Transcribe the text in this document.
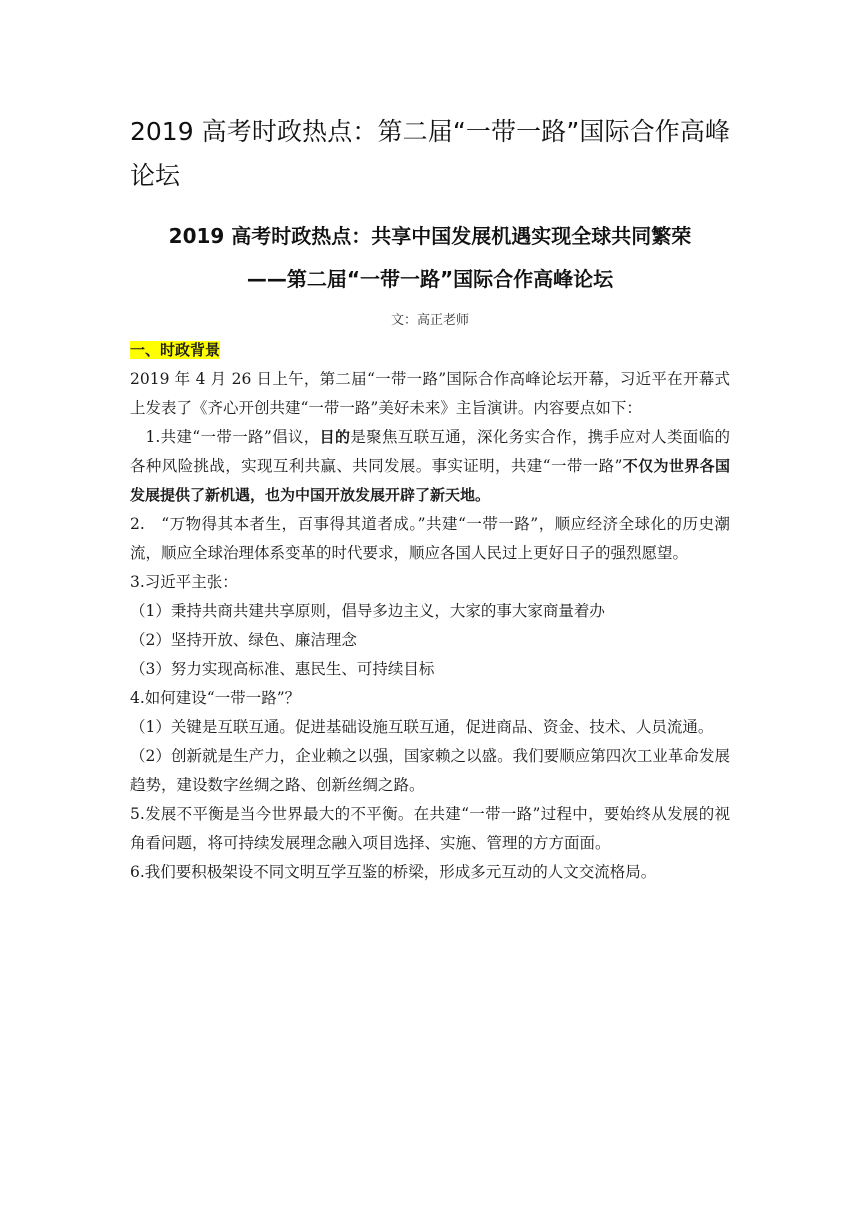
2019 高考时政热点：第二届“一带一路”国际合作高峰论坛
2019 高考时政热点：共享中国发展机遇实现全球共同繁荣
——第二届“一带一路”国际合作高峰论坛
文：高正老师

一、时政背景

2019 年 4 月 26 日上午，第二届“一带一路”国际合作高峰论坛开幕，习近平在开幕式上发表了《齐心开创共建“一带一路”美好未来》主旨演讲。内容要点如下：

1.共建“一带一路”倡议，目的是聚焦互联互通，深化务实合作，携手应对人类面临的各种风险挑战，实现互利共赢、共同发展。事实证明，共建“一带一路”不仅为世界各国发展提供了新机遇，也为中国开放发展开辟了新天地。

2.　“万物得其本者生，百事得其道者成。”共建“一带一路”，顺应经济全球化的历史潮流，顺应全球治理体系变革的时代要求，顺应各国人民过上更好日子的强烈愿望。

3.习近平主张：

（1）秉持共商共建共享原则，倡导多边主义，大家的事大家商量着办

（2）坚持开放、绿色、廉洁理念

（3）努力实现高标准、惠民生、可持续目标

4.如何建设“一带一路”？

（1）关键是互联互通。促进基础设施互联互通，促进商品、资金、技术、人员流通。

（2）创新就是生产力，企业赖之以强，国家赖之以盛。我们要顺应第四次工业革命发展趋势，建设数字丝绸之路、创新丝绸之路。

5.发展不平衡是当今世界最大的不平衡。在共建“一带一路”过程中，要始终从发展的视角看问题，将可持续发展理念融入项目选择、实施、管理的方方面面。

6.我们要积极架设不同文明互学互鉴的桥梁，形成多元互动的人文交流格局。
